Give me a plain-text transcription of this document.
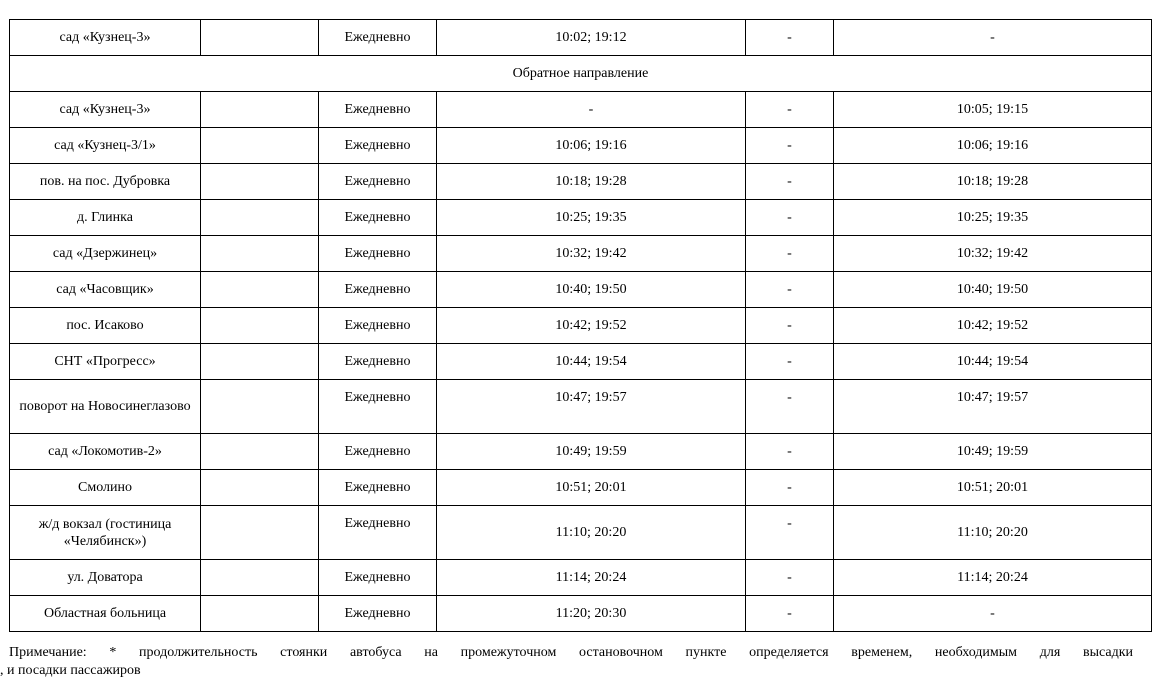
сад «Кузнец-3»		Ежедневно	10:02; 19:12	-	-
Обратное направление					
сад «Кузнец-3»		Ежедневно	-	-	10:05; 19:15
сад «Кузнец-3/1»		Ежедневно	10:06; 19:16	-	10:06; 19:16
пов. на пос. Дубровка		Ежедневно	10:18; 19:28	-	10:18; 19:28
д. Глинка		Ежедневно	10:25; 19:35	-	10:25; 19:35
сад «Дзержинец»		Ежедневно	10:32; 19:42	-	10:32; 19:42
сад «Часовщик»		Ежедневно	10:40; 19:50	-	10:40; 19:50
пос. Исаково		Ежедневно	10:42; 19:52	-	10:42; 19:52
СНТ «Прогресс»		Ежедневно	10:44; 19:54	-	10:44; 19:54
поворот на Новосинеглазово		Ежедневно	10:47; 19:57	-	10:47; 19:57
сад «Локомотив-2»		Ежедневно	10:49; 19:59	-	10:49; 19:59
Смолино		Ежедневно	10:51; 20:01	-	10:51; 20:01
ж/д вокзал (гостиница «Челябинск»)		Ежедневно	11:10; 20:20	-	11:10; 20:20
ул. Доватора		Ежедневно	11:14; 20:24	-	11:14; 20:24
Областная больница		Ежедневно	11:20; 20:30	-	-
Примечание: * продолжительность стоянки автобуса на промежуточном остановочном пункте определяется временем, необходимым для высадки
, и посадки пассажиров
